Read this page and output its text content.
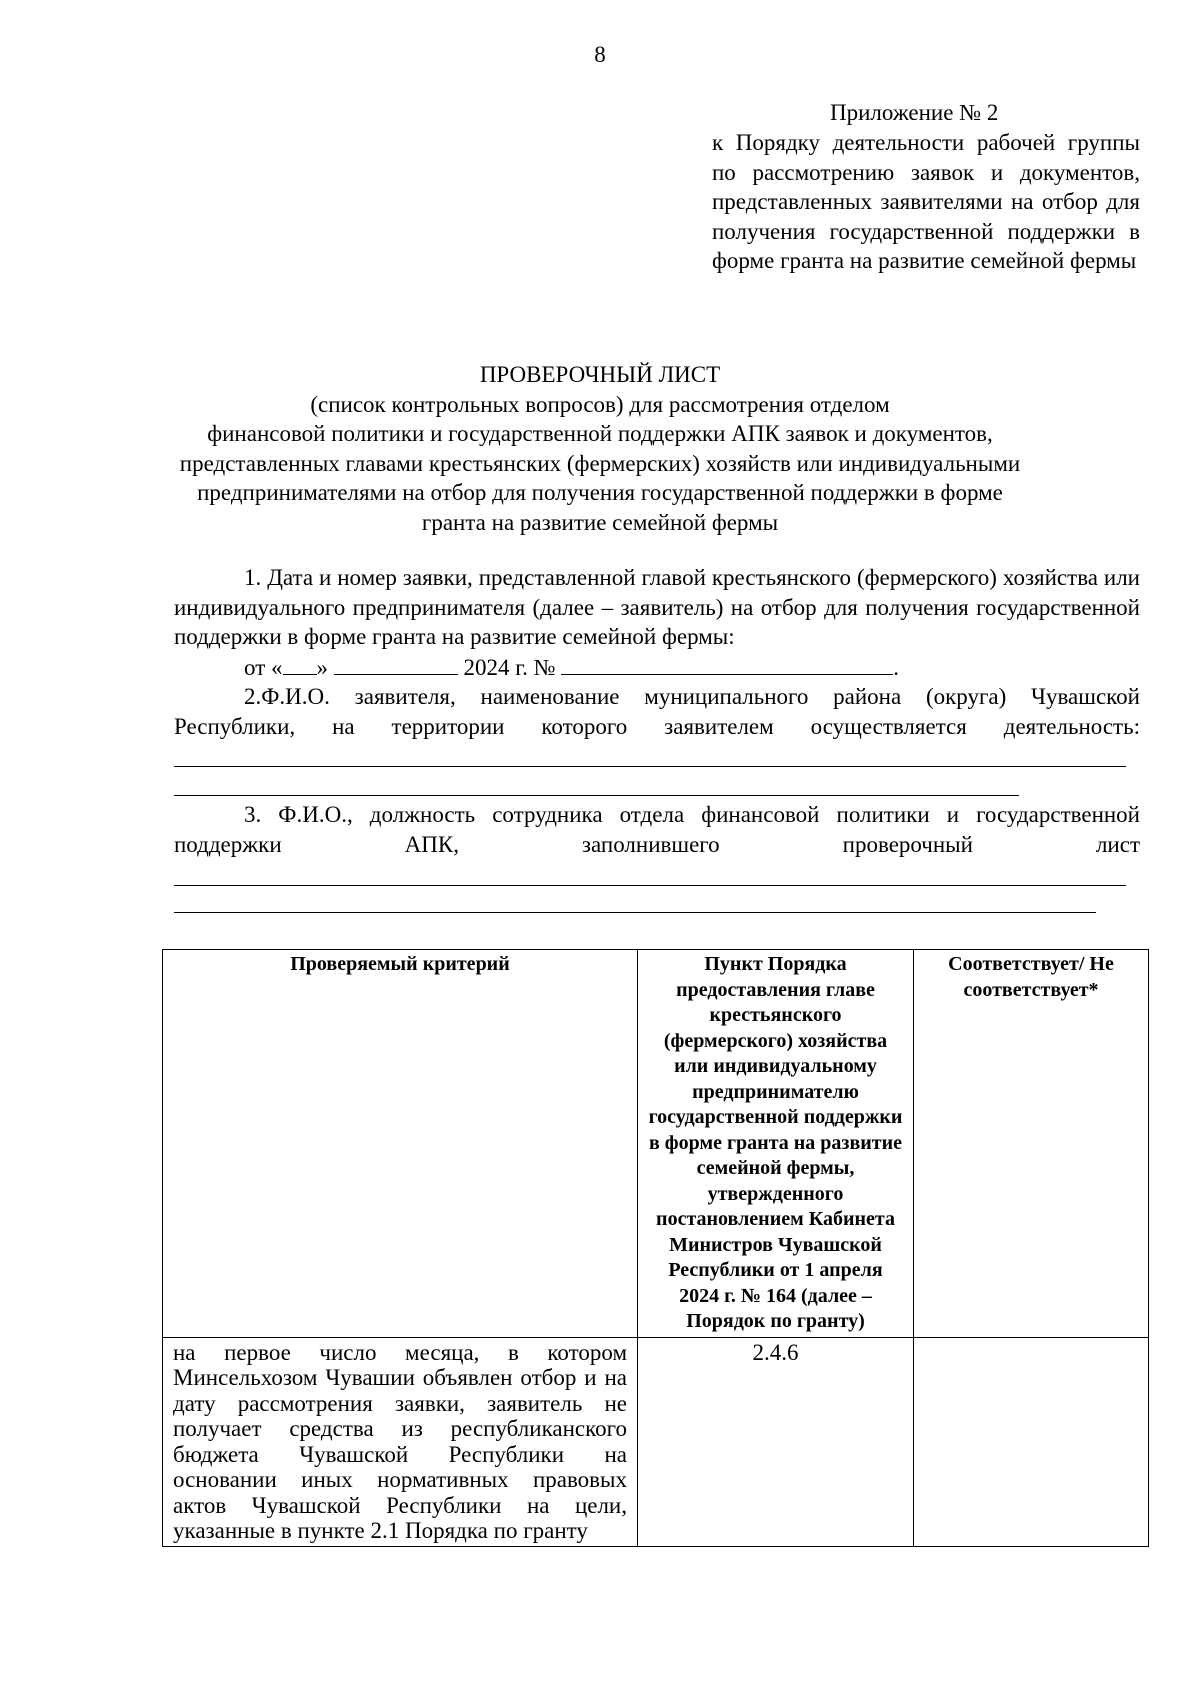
8
Приложение № 2
к Порядку деятельности рабочей группы по рассмотрению заявок и документов, представленных заявителями на отбор для получения государственной поддержки в форме гранта на развитие семейной фермы
ПРОВЕРОЧНЫЙ ЛИСТ
(список контрольных вопросов) для рассмотрения отделом
финансовой политики и государственной поддержки АПК заявок и документов,
представленных главами крестьянских (фермерских) хозяйств или индивидуальными
предпринимателями на отбор для получения государственной поддержки в форме
гранта на развитие семейной фермы
1. Дата и номер заявки, представленной главой крестьянского (фермерского) хозяйства или индивидуального предпринимателя (далее – заявитель) на отбор для получения государственной поддержки в форме гранта на развитие семейной фермы:
от « »	2024 г. №	.
2.Ф.И.О. заявителя, наименование муниципального района (округа) Чувашской Республики, на территории которого заявителем осуществляется деятельность:
3. Ф.И.О., должность сотрудника отдела финансовой политики и государственной поддержки АПК, заполнившего проверочный лист
Проверяемый критерий	Пункт Порядка предоставления главе крестьянского (фермерского) хозяйства или индивидуальному предпринимателю государственной поддержки в форме гранта на развитие семейной фермы, утвержденного постановлением Кабинета Министров Чувашской Республики от 1 апреля 2024 г. № 164 (далее – Порядок по гранту)	Соответствует/ Не соответствует*
на первое число месяца, в котором Минсельхозом Чувашии объявлен отбор и на дату рассмотрения заявки, заявитель не получает средства из республиканского бюджета Чувашской Республики на основании иных нормативных правовых актов Чувашской Республики на цели, указанные в пункте 2.1 Порядка по гранту	2.4.6	
